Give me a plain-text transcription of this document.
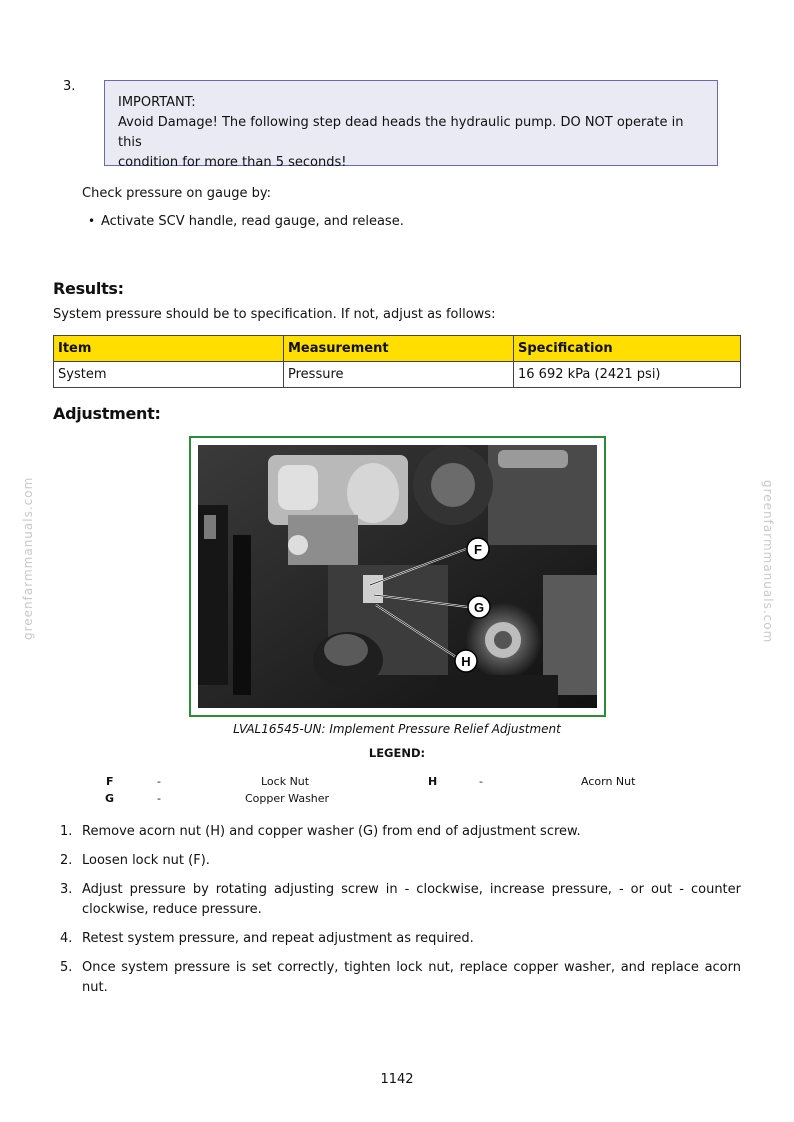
3.
IMPORTANT:
Avoid Damage! The following step dead heads the hydraulic pump. DO NOT operate in this
condition for more than 5 seconds!
Check pressure on gauge by:
• Activate SCV handle, read gauge, and release.
Results:
System pressure should be to specification. If not, adjust as follows:
Item	Measurement	Specification
System	Pressure	16 692 kPa (2421 psi)
Adjustment:
F
G
H
LVAL16545-UN: Implement Pressure Relief Adjustment
LEGEND:
F	-	Lock Nut	H	-	Acorn Nut
G	-	Copper Washer
1. Remove acorn nut (H) and copper washer (G) from end of adjustment screw.
2. Loosen lock nut (F).
3. Adjust pressure by rotating adjusting screw in - clockwise, increase pressure, - or out - counter clockwise, reduce pressure.
4. Retest system pressure, and repeat adjustment as required.
5. Once system pressure is set correctly, tighten lock nut, replace copper washer, and replace acorn nut.
1142
greenfarmmanuals.com	greenfarmmanuals.com
